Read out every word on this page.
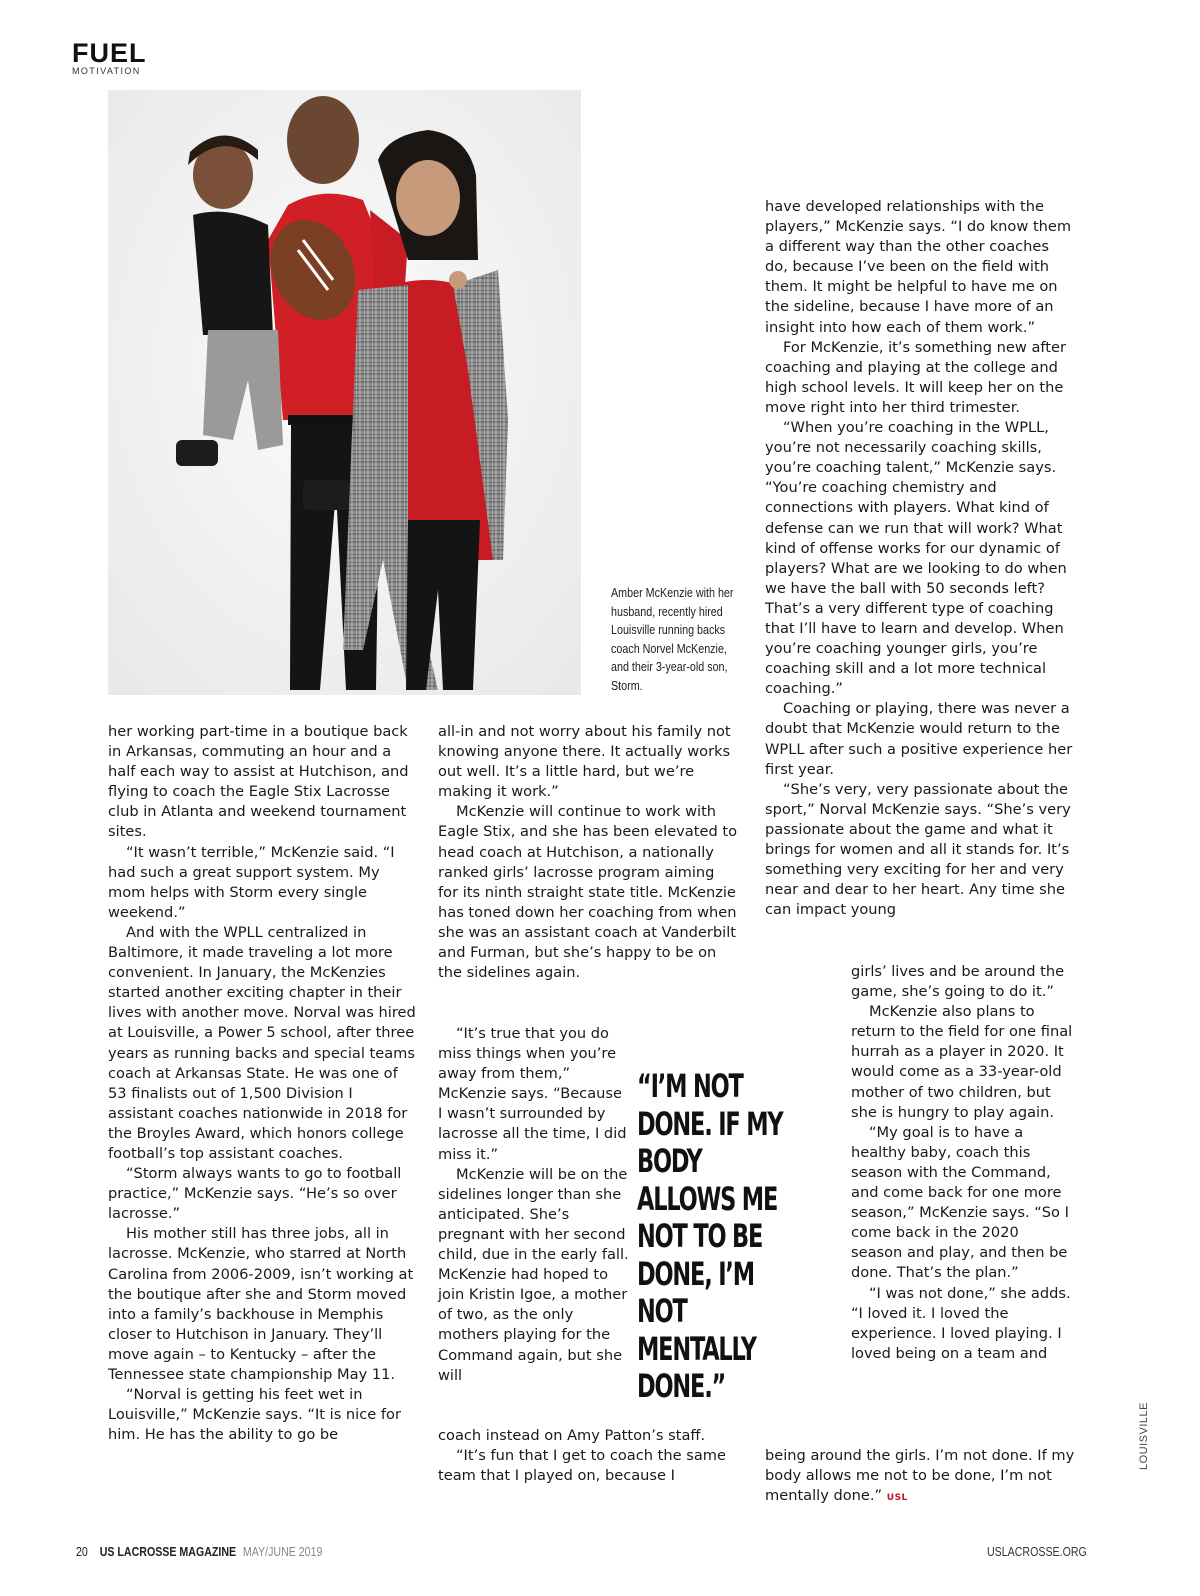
FUEL
MOTIVATION
Amber McKenzie with her husband, recently hired Louisville running backs coach Norvel McKenzie, and their 3-year-old son, Storm.

her working part-time in a boutique back in Arkansas, commuting an hour and a half each way to assist at Hutchison, and flying to coach the Eagle Stix Lacrosse club in Atlanta and weekend tournament sites.

“It wasn’t terrible,” McKenzie said. “I had such a great support system. My mom helps with Storm every single weekend.”

And with the WPLL centralized in Baltimore, it made traveling a lot more convenient. In January, the McKenzies started another exciting chapter in their lives with another move. Norval was hired at Louisville, a Power 5 school, after three years as running backs and special teams coach at Arkansas State. He was one of 53 finalists out of 1,500 Division I assistant coaches nationwide in 2018 for the Broyles Award, which honors college football’s top assistant coaches.

“Storm always wants to go to football practice,” McKenzie says. “He’s so over lacrosse.”

His mother still has three jobs, all in lacrosse. McKenzie, who starred at North Carolina from 2006-2009, isn’t working at the boutique after she and Storm moved into a family’s backhouse in Memphis closer to Hutchison in January. They’ll move again – to Kentucky – after the Tennessee state championship May 11.

“Norval is getting his feet wet in Louisville,” McKenzie says. “It is nice for him. He has the ability to go be

all-in and not worry about his family not knowing anyone there. It actually works out well. It’s a little hard, but we’re making it work.”

McKenzie will continue to work with Eagle Stix, and she has been elevated to head coach at Hutchison, a nationally ranked girls’ lacrosse program aiming for its ninth straight state title. McKenzie has toned down her coaching from when she was an assistant coach at Vanderbilt and Furman, but she’s happy to be on the sidelines again.

“It’s true that you do miss things when you’re away from them,” McKenzie says. “Because I wasn’t surrounded by lacrosse all the time, I did miss it.”

McKenzie will be on the sidelines longer than she anticipated. She’s pregnant with her second child, due in the early fall. McKenzie had hoped to join Kristin Igoe, a mother of two, as the only mothers playing for the Command again, but she will

coach instead on Amy Patton’s staff.

“It’s fun that I get to coach the same team that I played on, because I

“I’M NOT DONE. IF MY BODY ALLOWS ME NOT TO BE DONE, I’M NOT MENTALLY DONE.”

have developed relationships with the players,” McKenzie says. “I do know them a different way than the other coaches do, because I’ve been on the field with them. It might be helpful to have me on the sideline, because I have more of an insight into how each of them work.”

For McKenzie, it’s something new after coaching and playing at the college and high school levels. It will keep her on the move right into her third trimester.

“When you’re coaching in the WPLL, you’re not necessarily coaching skills, you’re coaching talent,” McKenzie says. “You’re coaching chemistry and connections with players. What kind of defense can we run that will work? What kind of offense works for our dynamic of players? What are we looking to do when we have the ball with 50 seconds left? That’s a very different type of coaching that I’ll have to learn and develop. When you’re coaching younger girls, you’re coaching skill and a lot more technical coaching.”

Coaching or playing, there was never a doubt that McKenzie would return to the WPLL after such a positive experience her first year.

“She’s very, very passionate about the sport,” Norval McKenzie says. “She’s very passionate about the game and what it brings for women and all it stands for. It’s something very exciting for her and very near and dear to her heart. Any time she can impact young

girls’ lives and be around the game, she’s going to do it.”

McKenzie also plans to return to the field for one final hurrah as a player in 2020. It would come as a 33-year-old mother of two children, but she is hungry to play again.

“My goal is to have a healthy baby, coach this season with the Command, and come back for one more season,” McKenzie says. “So I come back in the 2020 season and play, and then be done. That’s the plan.”

“I was not done,” she adds. “I loved it. I loved the experience. I loved playing. I loved being on a team and

being around the girls. I’m not done. If my body allows me not to be done, I’m not mentally done.” USL

20 US LACROSSE MAGAZINE MAY/JUNE 2019	USLACROSSE.ORG
LOUISVILLE
